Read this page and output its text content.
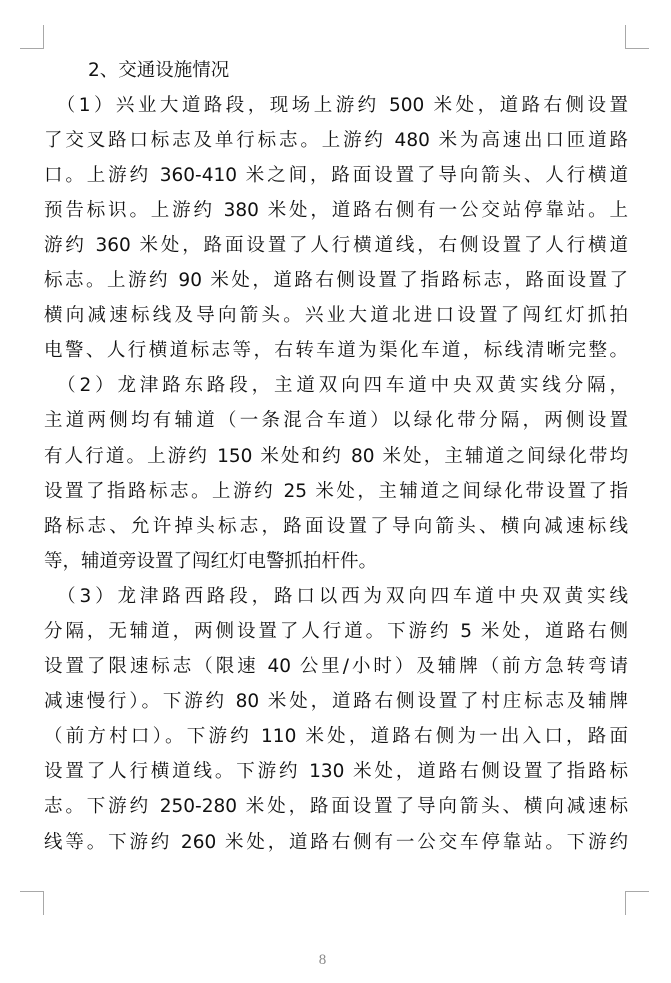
2、交通设施情况
　（1）兴业大道路段，现场上游约 500 米处，道路右侧设置
了交叉路口标志及单行标志。上游约 480 米为高速出口匝道路
口。上游约 360-410 米之间，路面设置了导向箭头、人行横道
预告标识。上游约 380 米处，道路右侧有一公交站停靠站。上
游约 360 米处，路面设置了人行横道线，右侧设置了人行横道
标志。上游约 90 米处，道路右侧设置了指路标志，路面设置了
横向减速标线及导向箭头。兴业大道北进口设置了闯红灯抓拍
电警、人行横道标志等，右转车道为渠化车道，标线清晰完整。
　（2）龙津路东路段，主道双向四车道中央双黄实线分隔，
主道两侧均有辅道（一条混合车道）以绿化带分隔，两侧设置
有人行道。上游约 150 米处和约 80 米处，主辅道之间绿化带均
设置了指路标志。上游约 25 米处，主辅道之间绿化带设置了指
路标志、允许掉头标志，路面设置了导向箭头、横向减速标线
等，辅道旁设置了闯红灯电警抓拍杆件。
　（3）龙津路西路段，路口以西为双向四车道中央双黄实线
分隔，无辅道，两侧设置了人行道。下游约 5 米处，道路右侧
设置了限速标志（限速 40 公里/小时）及辅牌（前方急转弯请
减速慢行）。下游约 80 米处，道路右侧设置了村庄标志及辅牌
（前方村口）。下游约 110 米处，道路右侧为一出入口，路面
设置了人行横道线。下游约 130 米处，道路右侧设置了指路标
志。下游约 250-280 米处，路面设置了导向箭头、横向减速标
线等。下游约 260 米处，道路右侧有一公交车停靠站。下游约
8
